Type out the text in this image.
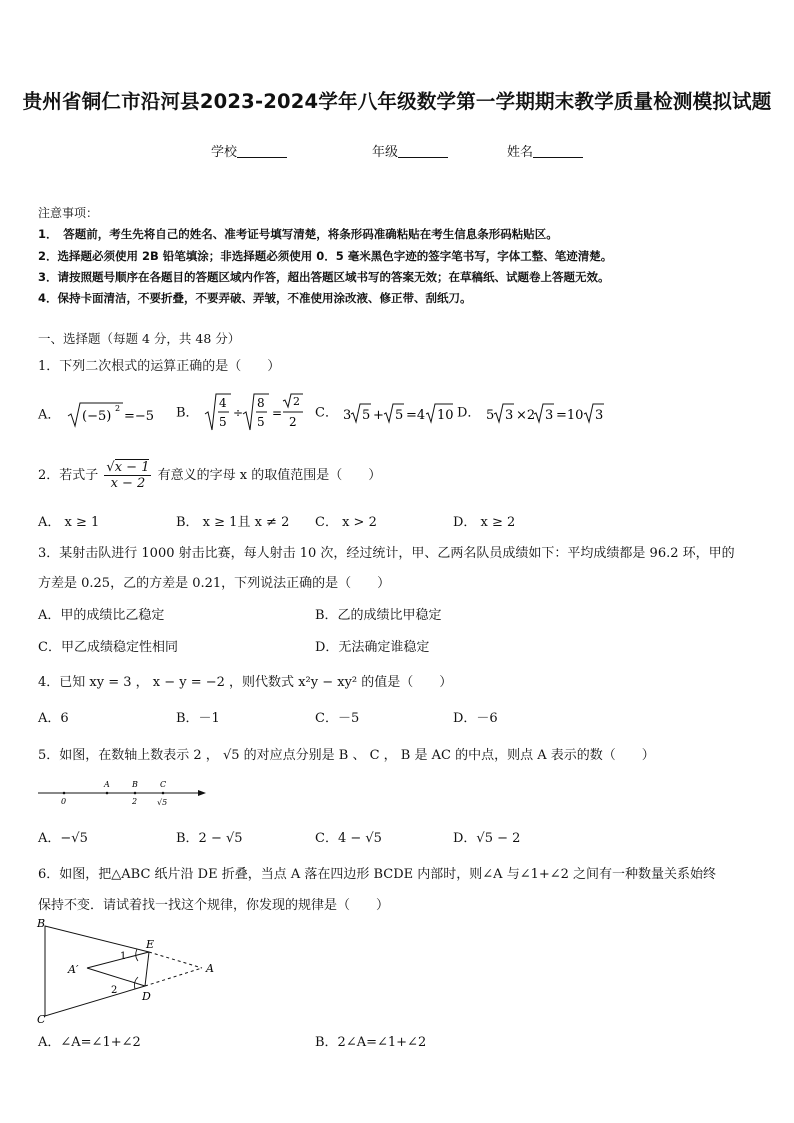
贵州省铜仁市沿河县2023-2024学年八年级数学第一学期期末教学质量检测模拟试题
学校	年级	姓名
注意事项：
1．　答题前，考生先将自己的姓名、准考证号填写清楚，将条形码准确粘贴在考生信息条形码粘贴区。
2．选择题必须使用 2B 铅笔填涂；非选择题必须使用 0．5 毫米黑色字迹的签字笔书写，字体工整、笔迹清楚。
3．请按照题号顺序在各题目的答题区域内作答，超出答题区域书写的答案无效；在草稿纸、试题卷上答题无效。
4．保持卡面清洁，不要折叠，不要弄破、弄皱，不准使用涂改液、修正带、刮纸刀。
一、选择题（每题 4 分，共 48 分）
1．下列二次根式的运算正确的是（　　）
A． (−5)
2
=−5 B．
4
5
÷
8
5
=
2
2
C． 3 5 + 5 =4 10 D． 5 3 ×2 3 =10 3
2．若式子 $\frac{√x - 1}{x - 2}$ 有意义的字母 x 的取值范围是（　　）
A． x ≥ 1	B． x ≥ 1且 x ≠ 2 C． x > 2	D． x ≥ 2
3．某射击队进行 1000 射击比赛，每人射击 10 次，经过统计，甲、乙两名队员成绩如下：平均成绩都是 96.2 环，甲的
方差是 0.25，乙的方差是 0.21，下列说法正确的是（　　）
A．甲的成绩比乙稳定	B．乙的成绩比甲稳定
C．甲乙成绩稳定性相同	D．无法确定谁稳定
4．已知 xy = 3 ， x − y = −2 ，则代数式 x²y − xy² 的值是（　　）
A．6	B．－1	C．－5	D．－6
5．如图，在数轴上数表示 2 ， √5 的对应点分别是 B 、 C ， B 是 AC 的中点，则点 A 表示的数（　　）
A	B	C
0	2 √5
A．−√5	B．2 − √5	C．4 − √5	D．√5 − 2
6．如图，把△ABC 纸片沿 DE 折叠，当点 A 落在四边形 BCDE 内部时，则∠A 与∠1+∠2 之间有一种数量关系始终
保持不变．请试着找一找这个规律，你发现的规律是（　　）
B
C
E
D
A
A′
1
2
A．∠A=∠1+∠2	B．2∠A=∠1+∠2
